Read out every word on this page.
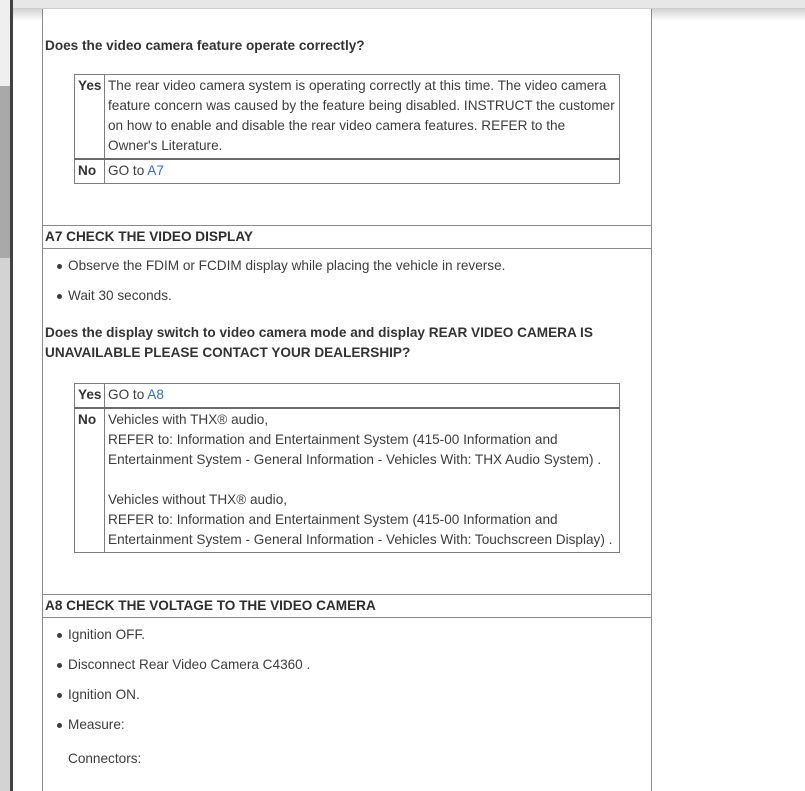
Does the video camera feature operate correctly?
Yes	The rear video camera system is operating correctly at this time. The video camera feature concern was caused by the feature being disabled. INSTRUCT the customer on how to enable and disable the rear video camera features. REFER to the Owner's Literature.
No	GO to A7
A7 CHECK THE VIDEO DISPLAY
Observe the FDIM or FCDIM display while placing the vehicle in reverse.
Wait 30 seconds.
Does the display switch to video camera mode and display REAR VIDEO CAMERA IS UNAVAILABLE PLEASE CONTACT YOUR DEALERSHIP?
Yes	GO to A8
No	Vehicles with THX® audio,
REFER to: Information and Entertainment System (415-00 Information and Entertainment System - General Information - Vehicles With: THX Audio System) .
Vehicles without THX® audio,
REFER to: Information and Entertainment System (415-00 Information and Entertainment System - General Information - Vehicles With: Touchscreen Display) .
A8 CHECK THE VOLTAGE TO THE VIDEO CAMERA
Ignition OFF.
Disconnect Rear Video Camera C4360 .
Ignition ON.
Measure:
Connectors:
